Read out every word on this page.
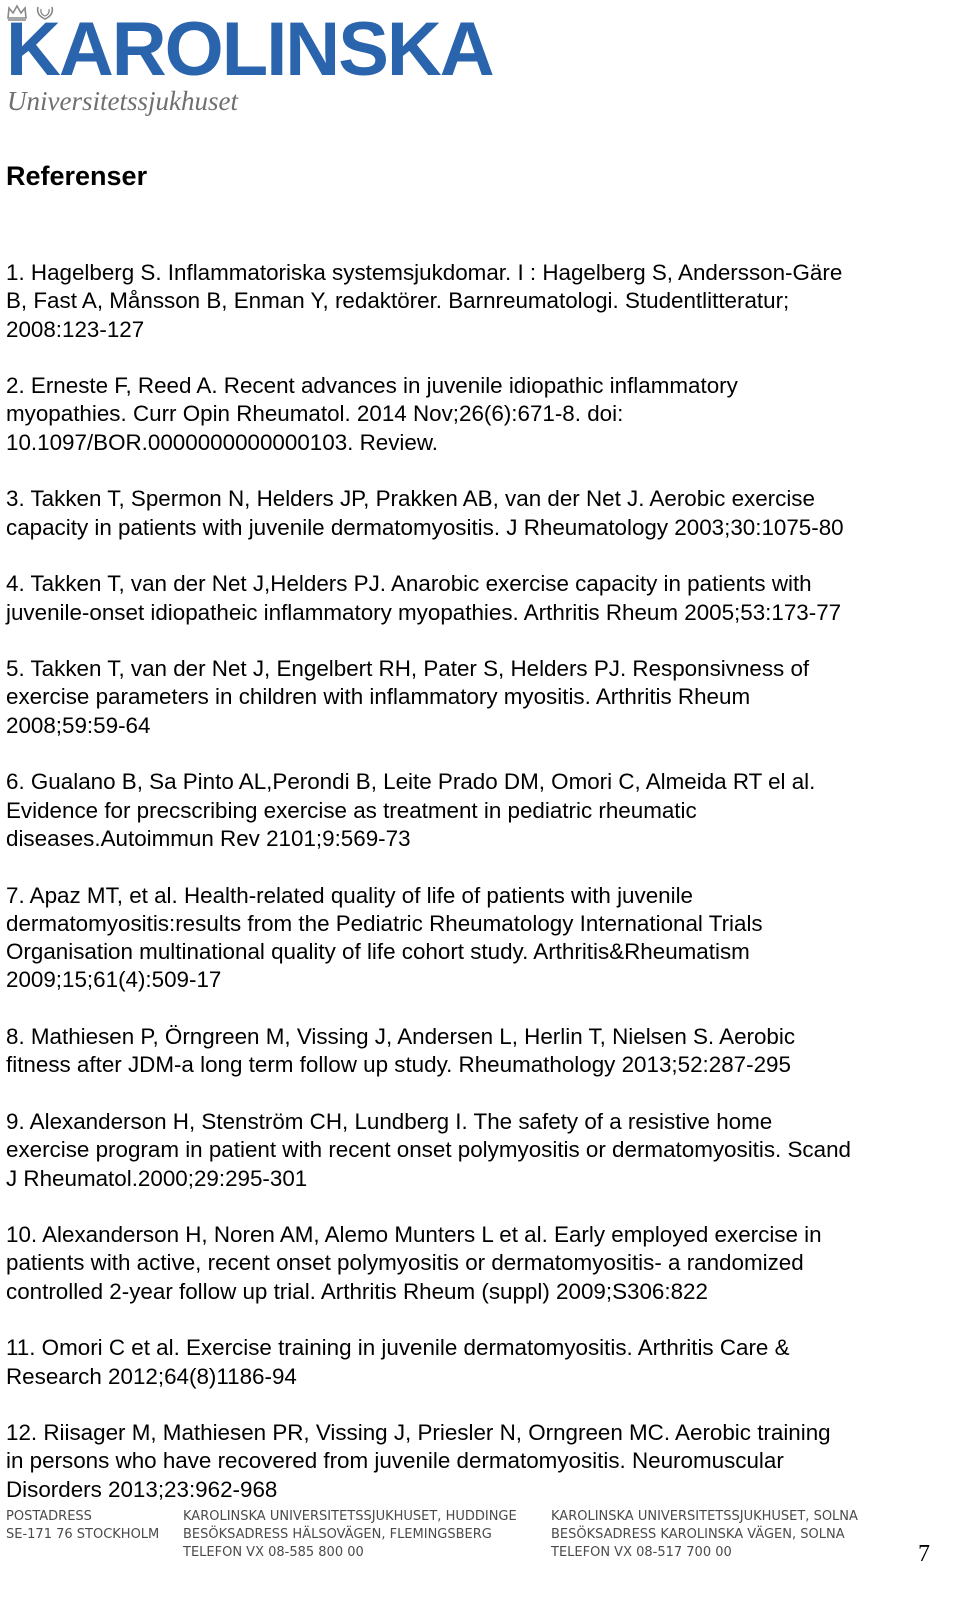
KAROLINSKA
Universitetssjukhuset
Referenser
1. Hagelberg S. Inflammatoriska systemsjukdomar. I : Hagelberg S, Andersson-Gäre
B, Fast A, Månsson B, Enman Y, redaktörer. Barnreumatologi. Studentlitteratur;
2008:123-127
2. Erneste F, Reed A. Recent advances in juvenile idiopathic inflammatory
myopathies. Curr Opin Rheumatol. 2014 Nov;26(6):671-8. doi:
10.1097/BOR.0000000000000103. Review.
3. Takken T, Spermon N, Helders JP, Prakken AB, van der Net J. Aerobic exercise
capacity in patients with juvenile dermatomyositis. J Rheumatology 2003;30:1075-80
4. Takken T, van der Net J,Helders PJ. Anarobic exercise capacity in patients with
juvenile-onset idiopatheic inflammatory myopathies. Arthritis Rheum 2005;53:173-77
5. Takken T, van der Net J, Engelbert RH, Pater S, Helders PJ. Responsivness of
exercise parameters in children with inflammatory myositis. Arthritis Rheum
2008;59:59-64
6. Gualano B, Sa Pinto AL,Perondi B, Leite Prado DM, Omori C, Almeida RT el al.
Evidence for precscribing exercise as treatment in pediatric rheumatic
diseases.Autoimmun Rev 2101;9:569-73
7. Apaz MT, et al. Health-related quality of life of patients with juvenile
dermatomyositis:results from the Pediatric Rheumatology International Trials
Organisation multinational quality of life cohort study. Arthritis&Rheumatism
2009;15;61(4):509-17
8. Mathiesen P, Örngreen M, Vissing J, Andersen L, Herlin T, Nielsen S. Aerobic
fitness after JDM-a long term follow up study. Rheumathology 2013;52:287-295
9. Alexanderson H, Stenström CH, Lundberg I. The safety of a resistive home
exercise program in patient with recent onset polymyositis or dermatomyositis. Scand
J Rheumatol.2000;29:295-301
10. Alexanderson H, Noren AM, Alemo Munters L et al. Early employed exercise in
patients with active, recent onset polymyositis or dermatomyositis- a randomized
controlled 2-year follow up trial. Arthritis Rheum (suppl) 2009;S306:822
11. Omori C et al. Exercise training in juvenile dermatomyositis. Arthritis Care &
Research 2012;64(8)1186-94
12. Riisager M, Mathiesen PR, Vissing J, Priesler N, Orngreen MC. Aerobic training
in persons who have recovered from juvenile dermatomyositis. Neuromuscular
Disorders 2013;23:962-968
POSTADRESS
SE-171 76 STOCKHOLM
KAROLINSKA UNIVERSITETSSJUKHUSET, HUDDINGE
BESÖKSADRESS HÄLSOVÄGEN, FLEMINGSBERG
TELEFON VX 08-585 800 00
KAROLINSKA UNIVERSITETSSJUKHUSET, SOLNA
BESÖKSADRESS KAROLINSKA VÄGEN, SOLNA
TELEFON VX 08-517 700 00	7
